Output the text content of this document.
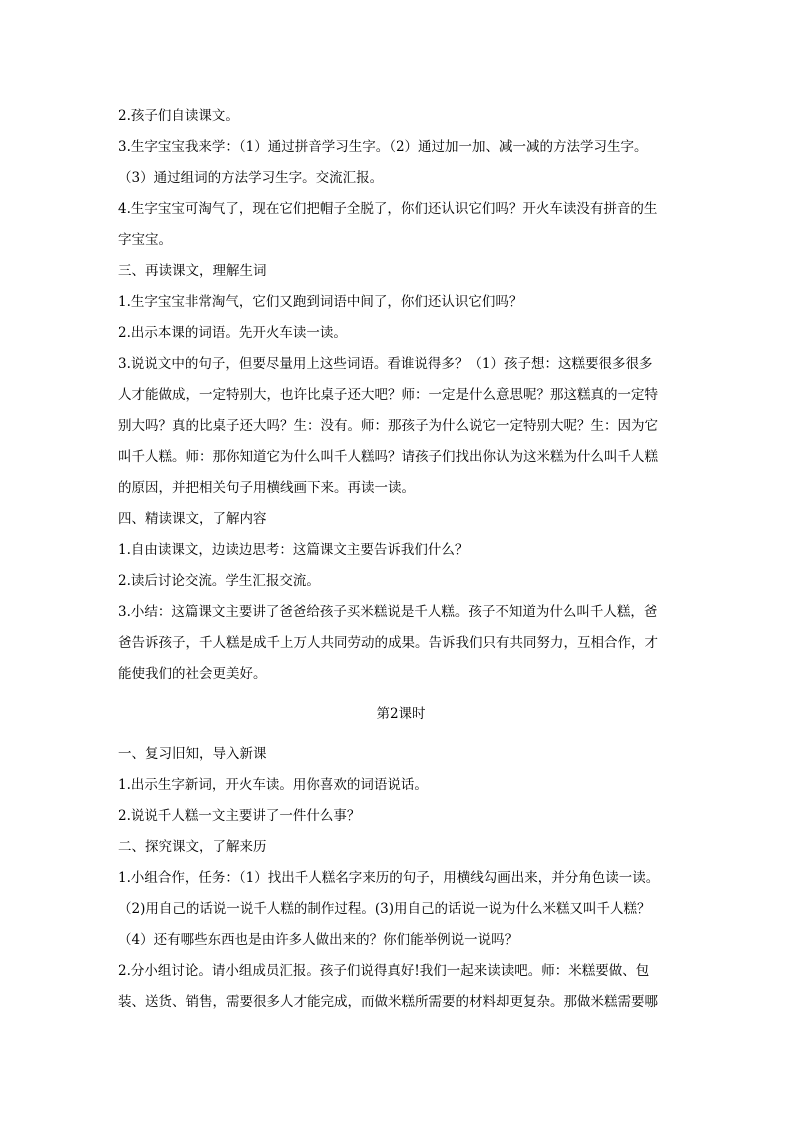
2.孩子们自读课文。
3.生字宝宝我来学：（1）通过拼音学习生字。（2）通过加一加、减一减的方法学习生字。
（3）通过组词的方法学习生字。交流汇报。
4.生字宝宝可淘气了，现在它们把帽子全脱了，你们还认识它们吗？开火车读没有拼音的生
字宝宝。
三、再读课文，理解生词
1.生字宝宝非常淘气，它们又跑到词语中间了，你们还认识它们吗？
2.出示本课的词语。先开火车读一读。
3.说说文中的句子，但要尽量用上这些词语。看谁说得多？（1）孩子想：这糕要很多很多
人才能做成，一定特别大，也许比桌子还大吧？师：一定是什么意思呢？那这糕真的一定特
别大吗？真的比桌子还大吗？生：没有。师：那孩子为什么说它一定特别大呢？生：因为它
叫千人糕。师：那你知道它为什么叫千人糕吗？请孩子们找出你认为这米糕为什么叫千人糕
的原因，并把相关句子用横线画下来。再读一读。
四、精读课文，了解内容
1.自由读课文，边读边思考：这篇课文主要告诉我们什么？
2.读后讨论交流。学生汇报交流。
3.小结：这篇课文主要讲了爸爸给孩子买米糕说是千人糕。孩子不知道为什么叫千人糕，爸
爸告诉孩子，千人糕是成千上万人共同劳动的成果。告诉我们只有共同努力，互相合作，才
能使我们的社会更美好。
第2课时
一、复习旧知，导入新课
1.出示生字新词，开火车读。用你喜欢的词语说话。
2.说说千人糕一文主要讲了一件什么事？
二、探究课文，了解来历
1.小组合作，任务：（1）找出千人糕名字来历的句子，用横线勾画出来，并分角色读一读。
（2)用自己的话说一说千人糕的制作过程。(3)用自己的话说一说为什么米糕又叫千人糕？
（4）还有哪些东西也是由许多人做出来的？你们能举例说一说吗？
2.分小组讨论。请小组成员汇报。孩子们说得真好!我们一起来读读吧。师：米糕要做、包
装、送货、销售，需要很多人才能完成，而做米糕所需要的材料却更复杂。那做米糕需要哪
